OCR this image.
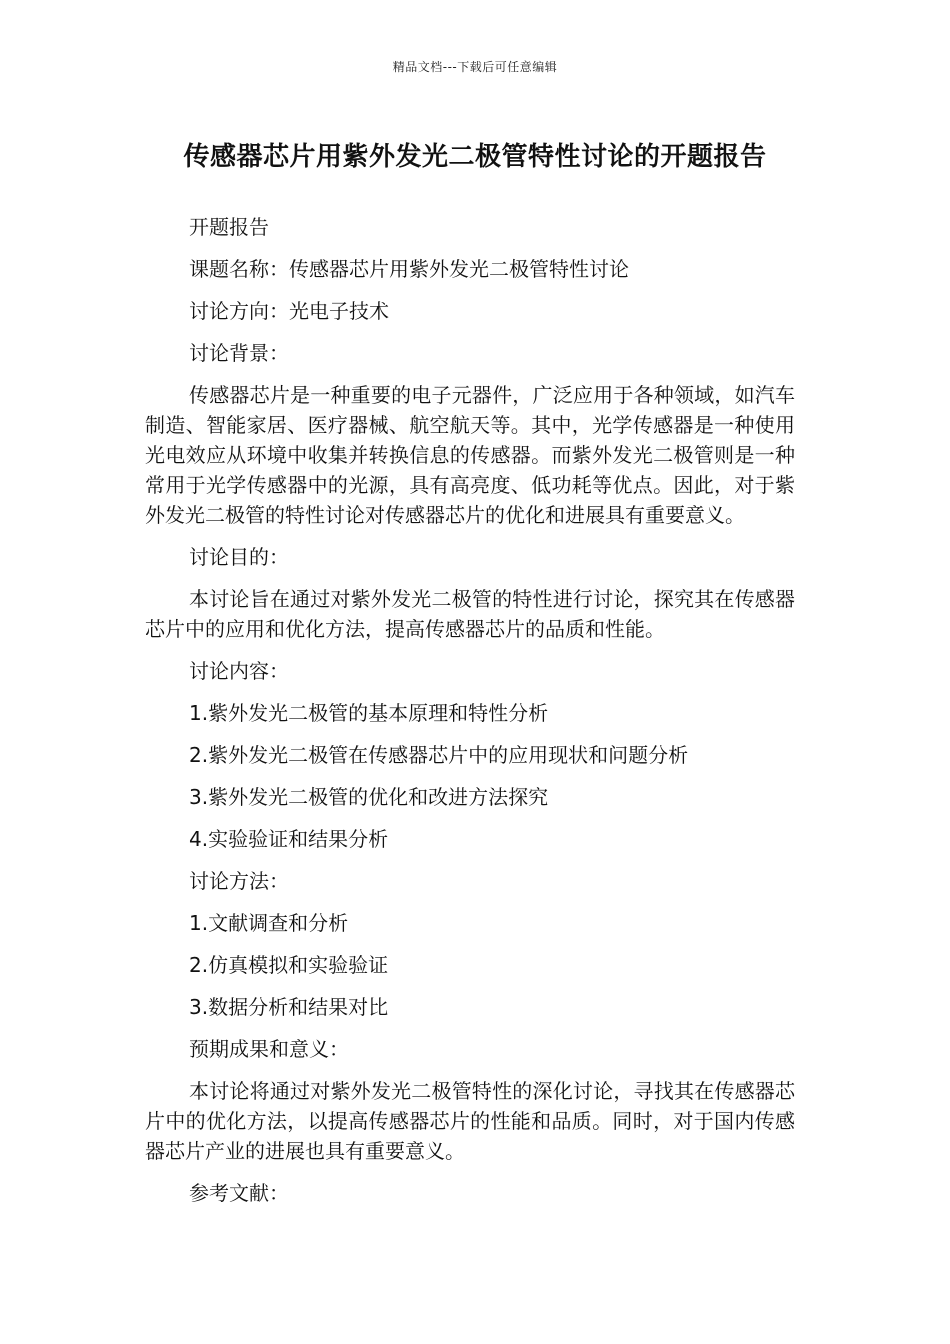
精品文档---下载后可任意编辑
传感器芯片用紫外发光二极管特性讨论的开题报告

开题报告

课题名称：传感器芯片用紫外发光二极管特性讨论

讨论方向：光电子技术

讨论背景：

传感器芯片是一种重要的电子元器件，广泛应用于各种领域，如汽车制造、智能家居、医疗器械、航空航天等。其中，光学传感器是一种使用光电效应从环境中收集并转换信息的传感器。而紫外发光二极管则是一种常用于光学传感器中的光源，具有高亮度、低功耗等优点。因此，对于紫外发光二极管的特性讨论对传感器芯片的优化和进展具有重要意义。

讨论目的：

本讨论旨在通过对紫外发光二极管的特性进行讨论，探究其在传感器芯片中的应用和优化方法，提高传感器芯片的品质和性能。

讨论内容：

1.紫外发光二极管的基本原理和特性分析

2.紫外发光二极管在传感器芯片中的应用现状和问题分析

3.紫外发光二极管的优化和改进方法探究

4.实验验证和结果分析

讨论方法：

1.文献调查和分析

2.仿真模拟和实验验证

3.数据分析和结果对比

预期成果和意义：

本讨论将通过对紫外发光二极管特性的深化讨论，寻找其在传感器芯片中的优化方法，以提高传感器芯片的性能和品质。同时，对于国内传感器芯片产业的进展也具有重要意义。

参考文献：
